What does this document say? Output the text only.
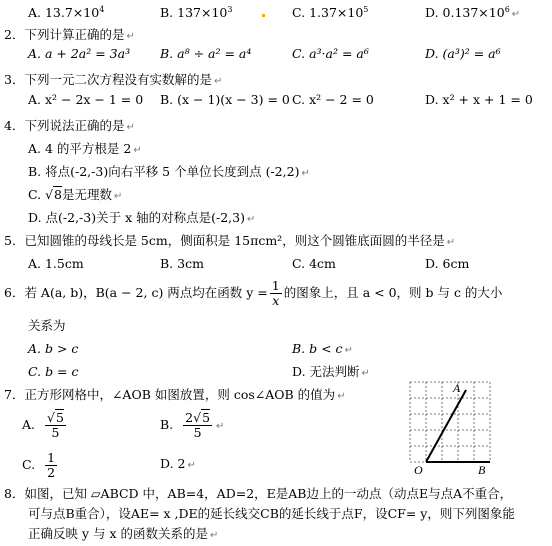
A. $13.7\times 10^4$	B. $137\times 10^3$	C. $1.37\times 10^5$	D. $0.137\times 10^6$ ↵
2．下列计算正确的是 ↵
A. a + 2a² = 3a³ B. a⁸ ÷ a² = a⁴	C. a³·a² = a⁶	D. (a³)² = a⁶
3．下列一元二次方程没有实数解的是 ↵
A. x² − 2x − 1 = 0 B. (x − 1)(x − 3) = 0 C. x² − 2 = 0	D. x² + x + 1 = 0
4．下列说法正确的是 ↵
A. 4 的平方根是 2 ↵
B. 将点(-2,-3)向右平移 5 个单位长度到点 (-2,2) ↵
C. √8是无理数 ↵
D. 点(-2,-3)关于 x 轴的对称点是(-2,3) ↵
5．已知圆锥的母线长是 5cm，侧面积是 15πcm²，则这个圆锥底面圆的半径是 ↵
A. 1.5cm	B. 3cm	C. 4cm	D. 6cm
6．若 A(a, b)，B(a − 2, c) 两点均在函数 $y = \frac{1}{x}$ 的图象上，且 a < 0，则 b 与 c 的大小
关系为
A. b > c	B. b < c ↵
C. b = c	D. 无法判断 ↵
7．正方形网格中，∠AOB 如图放置，则 cos∠AOB 的值为 ↵
A. $\frac{√5}{5}$	B. $\frac{2√5}{5}$ ↵
C. $\frac{1}{2}$	D. 2 ↵
A
O	B
8．如图，已知 ▱ABCD 中，AB=4，AD=2，E是AB边上的一动点（动点E与点A不重合，
可与点B重合），设AE= x ,DE的延长线交CB的延长线于点F，设CF= y，则下列图象能
正确反映 y 与 x 的函数关系的是 ↵
